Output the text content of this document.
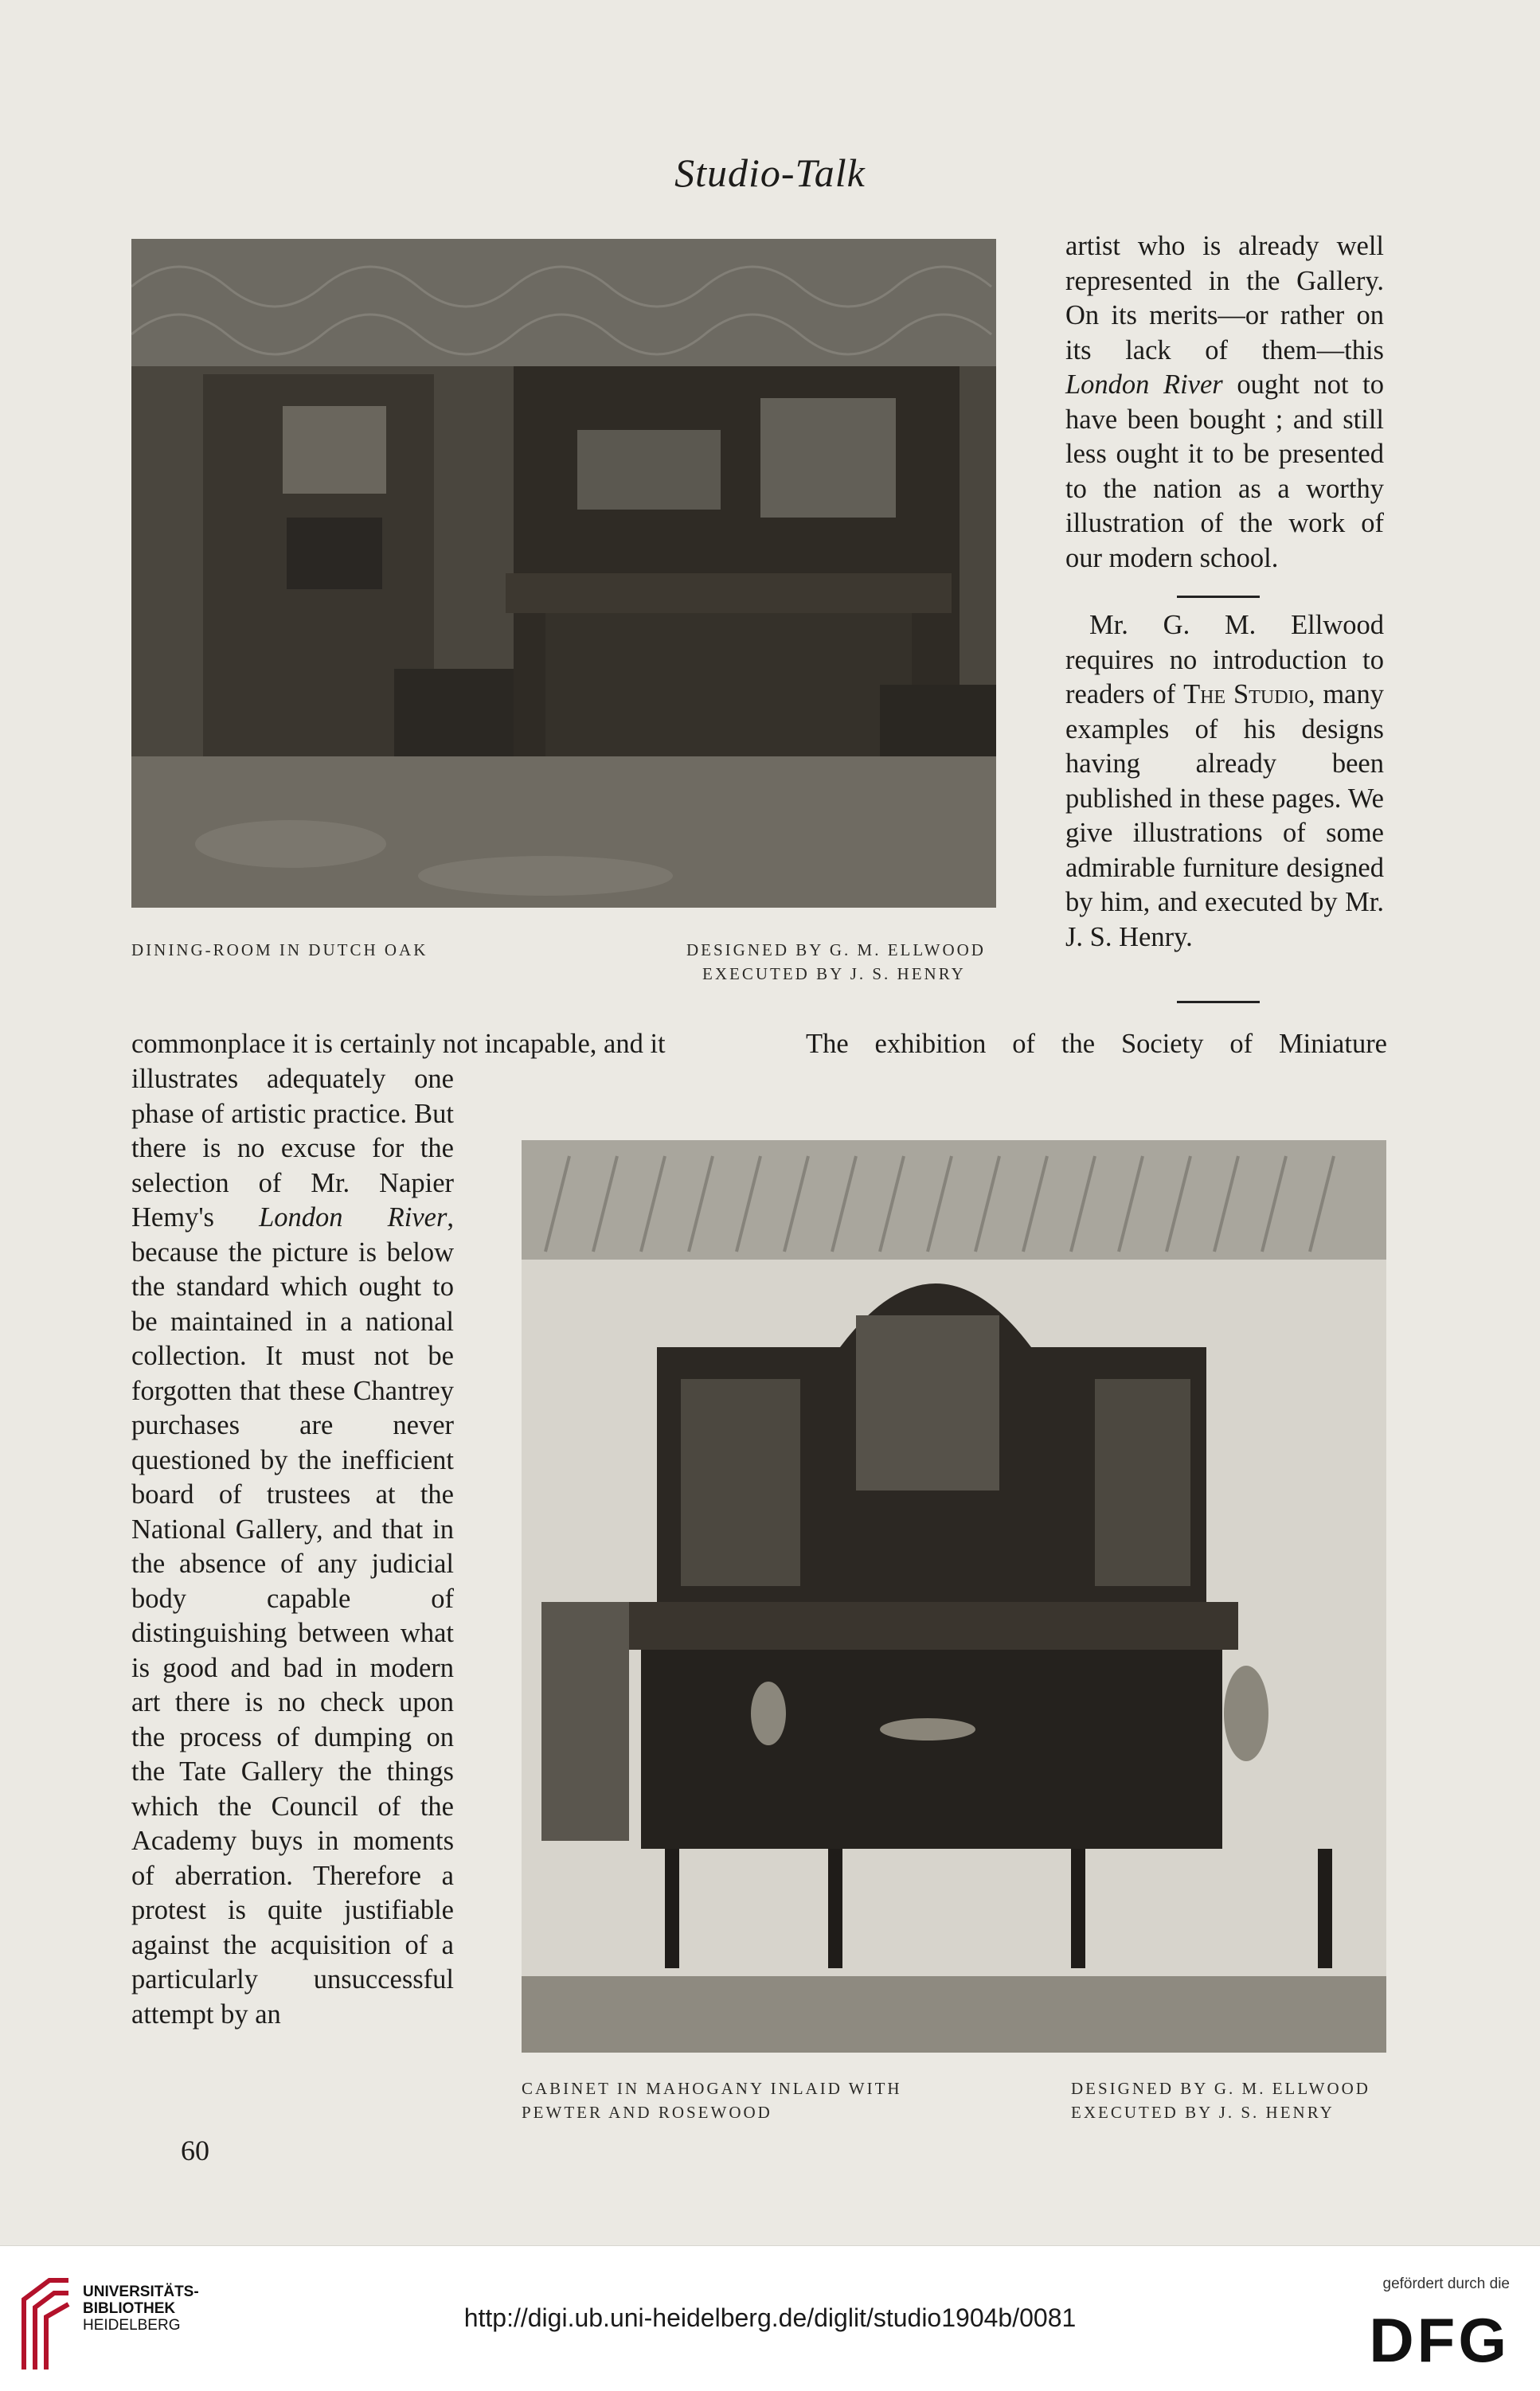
Studio-Talk
DINING-ROOM IN DUTCH OAK	DESIGNED BY G. M. ELLWOOD
EXECUTED BY J. S. HENRY

artist who is already well represented in the Gallery. On its merits—or rather on its lack of them—this London River ought not to have been bought ; and still less ought it to be presented to the nation as a worthy illustration of the work of our modern school.

Mr. G. M. Ellwood requires no introduction to readers of The Studio, many examples of his designs having already been published in these pages. We give illustrations of some admirable furniture designed by him, and executed by Mr. J. S. Henry.

commonplace it is certainly not incapable, and it	The exhibition of the Society of Miniature

illustrates adequately one phase of artistic practice. But there is no excuse for the selection of Mr. Napier Hemy's London River, because the picture is below the standard which ought to be maintained in a national collection. It must not be forgotten that these Chantrey purchases are never questioned by the inefficient board of trustees at the National Gallery, and that in the absence of any judicial body capable of distinguishing between what is good and bad in modern art there is no check upon the process of dumping on the Tate Gallery the things which the Council of the Academy buys in moments of aberration. Therefore a protest is quite justifiable against the acquisition of a particularly unsuccessful attempt by an

CABINET IN MAHOGANY INLAID WITH
PEWTER AND ROSEWOOD
DESIGNED BY G. M. ELLWOOD
EXECUTED BY J. S. HENRY
60
UNIVERSITÄTS-
BIBLIOTHEK
HEIDELBERG	http://digi.ub.uni-heidelberg.de/diglit/studio1904b/0081
gefördert durch die
DFG
